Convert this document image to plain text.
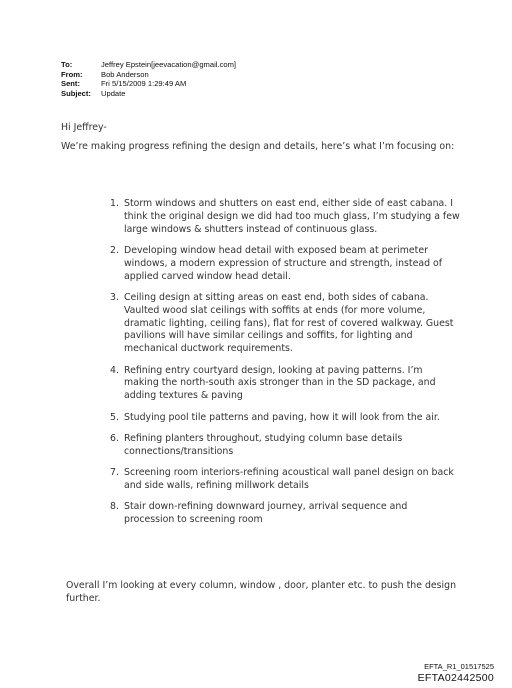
To:	Jeffrey Epstein[jeevacation@gmail.com]
From:	Bob Anderson
Sent:	Fri 5/15/2009 1:29:49 AM
Subject:	Update
Hi Jeffrey-
We’re making progress refining the design and details, here’s what I’m focusing on:
1. Storm windows and shutters on east end, either side of east cabana. I think the original design we did had too much glass, I’m studying a few large windows & shutters instead of continuous glass.
2. Developing window head detail with exposed beam at perimeter windows, a modern expression of structure and strength, instead of applied carved window head detail.
3. Ceiling design at sitting areas on east end, both sides of cabana. Vaulted wood slat ceilings with soffits at ends (for more volume, dramatic lighting, ceiling fans), flat for rest of covered walkway. Guest pavilions will have similar ceilings and soffits, for lighting and mechanical ductwork requirements.
4. Refining entry courtyard design, looking at paving patterns. I’m making the north-south axis stronger than in the SD package, and adding textures & paving
5. Studying pool tile patterns and paving, how it will look from the air.
6. Refining planters throughout, studying column base details connections/transitions
7. Screening room interiors-refining acoustical wall panel design on back and side walls, refining millwork details
8. Stair down-refining downward journey, arrival sequence and procession to screening room
Overall I’m looking at every column, window , door, planter etc. to push the design further.
EFTA_R1_01517525
EFTA02442500
